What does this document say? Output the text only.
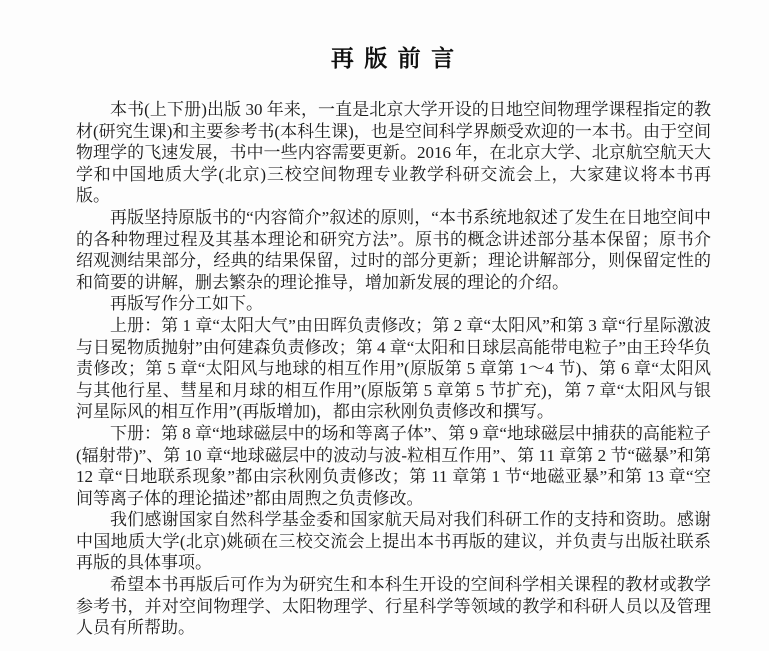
再 版 前 言

本书(上下册)出版 30 年来，一直是北京大学开设的日地空间物理学课程指定的教材(研究生课)和主要参考书(本科生课)，也是空间科学界颇受欢迎的一本书。由于空间物理学的飞速发展，书中一些内容需要更新。2016 年，在北京大学、北京航空航天大学和中国地质大学(北京)三校空间物理专业教学科研交流会上，大家建议将本书再版。

再版坚持原版书的“内容简介”叙述的原则，“本书系统地叙述了发生在日地空间中的各种物理过程及其基本理论和研究方法”。原书的概念讲述部分基本保留；原书介绍观测结果部分，经典的结果保留，过时的部分更新；理论讲解部分，则保留定性的和简要的讲解，删去繁杂的理论推导，增加新发展的理论的介绍。

再版写作分工如下。

上册：第 1 章“太阳大气”由田晖负责修改；第 2 章“太阳风”和第 3 章“行星际激波与日冕物质抛射”由何建森负责修改；第 4 章“太阳和日球层高能带电粒子”由王玲华负责修改；第 5 章“太阳风与地球的相互作用”(原版第 5 章第 1～4 节)、第 6 章“太阳风与其他行星、彗星和月球的相互作用”(原版第 5 章第 5 节扩充)，第 7 章“太阳风与银河星际风的相互作用”(再版增加)，都由宗秋刚负责修改和撰写。

下册：第 8 章“地球磁层中的场和等离子体”、第 9 章“地球磁层中捕获的高能粒子(辐射带)”、第 10 章“地球磁层中的波动与波-粒相互作用”、第 11 章第 2 节“磁暴”和第 12 章“日地联系现象”都由宗秋刚负责修改；第 11 章第 1 节“地磁亚暴”和第 13 章“空间等离子体的理论描述”都由周煦之负责修改。

我们感谢国家自然科学基金委和国家航天局对我们科研工作的支持和资助。感谢中国地质大学(北京)姚硕在三校交流会上提出本书再版的建议，并负责与出版社联系再版的具体事项。

希望本书再版后可作为为研究生和本科生开设的空间科学相关课程的教材或教学参考书，并对空间物理学、太阳物理学、行星科学等领域的教学和科研人员以及管理人员有所帮助。
